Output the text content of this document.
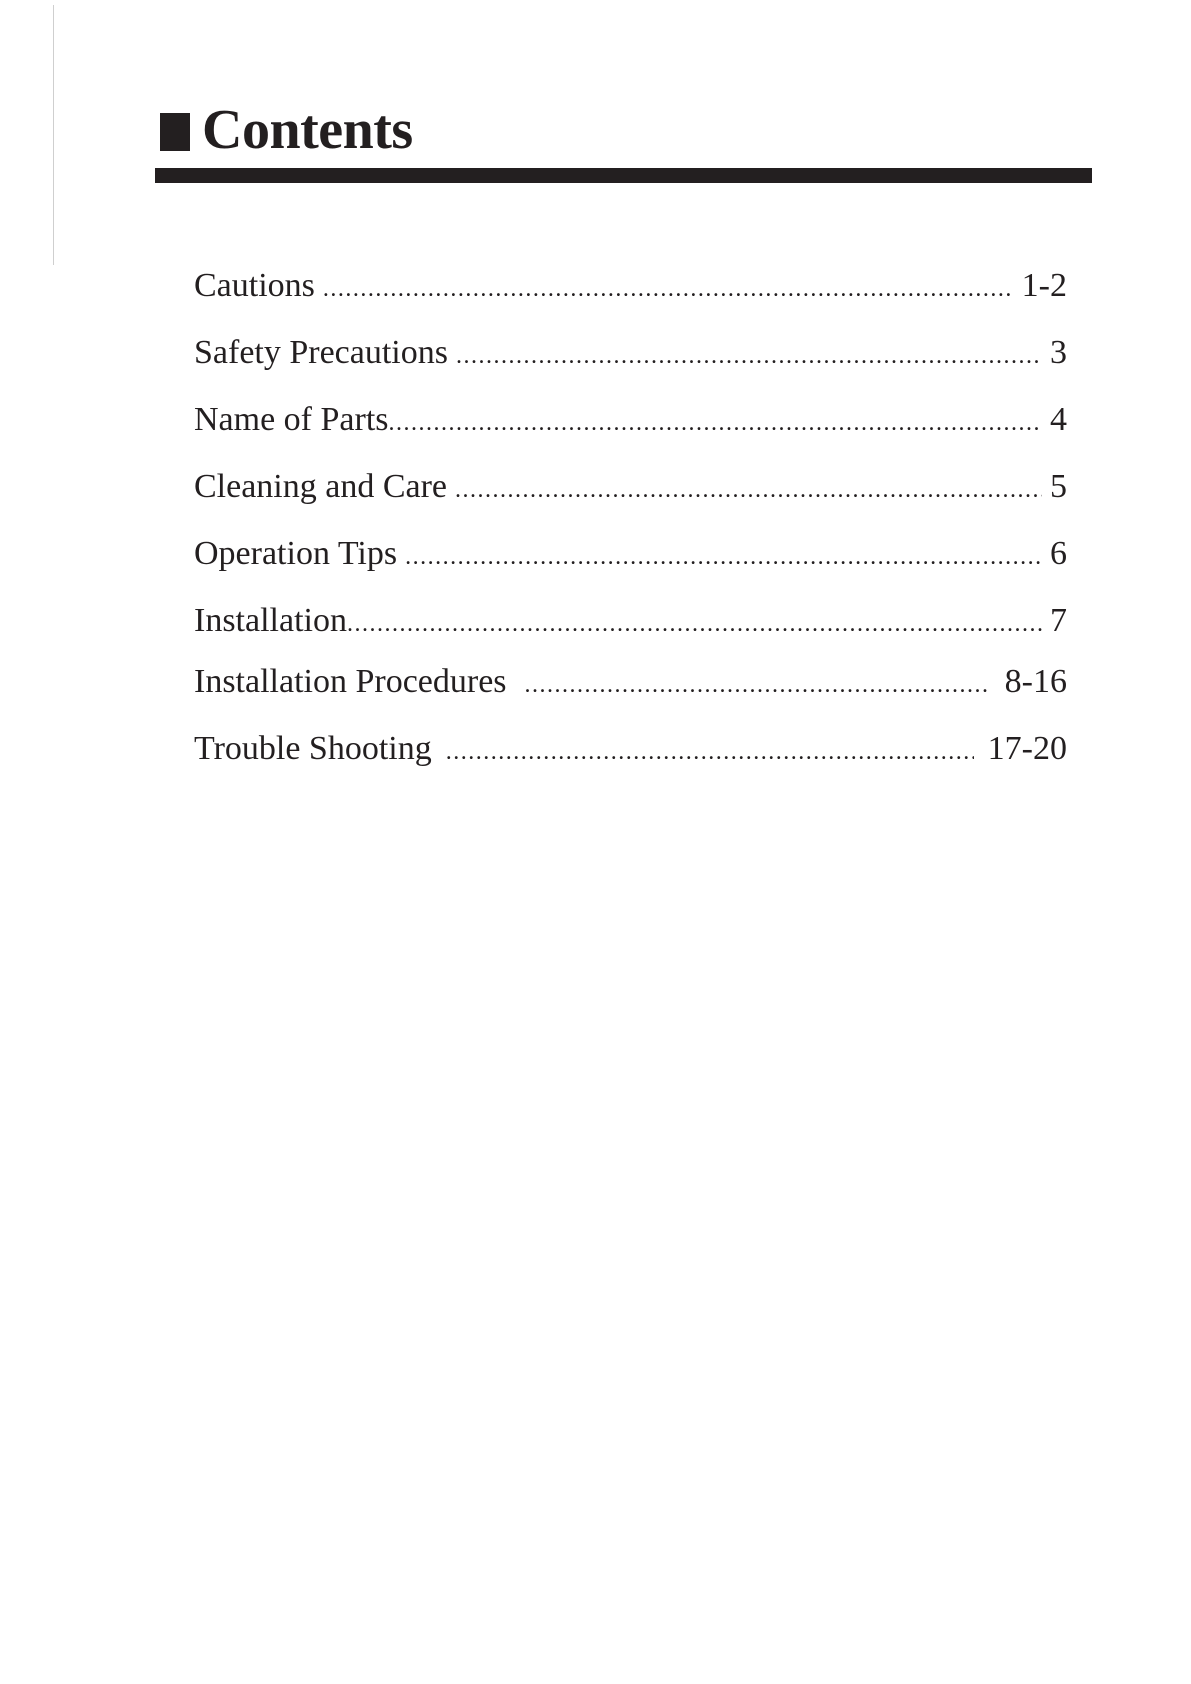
Contents
Cautions .....	1-2
Safety Precautions .....	3
Name of Parts .....	4
Cleaning and Care .....	5
Operation Tips .....	6
Installation .....	7
Installation Procedures .....	8-16
Trouble Shooting .....	17-20
